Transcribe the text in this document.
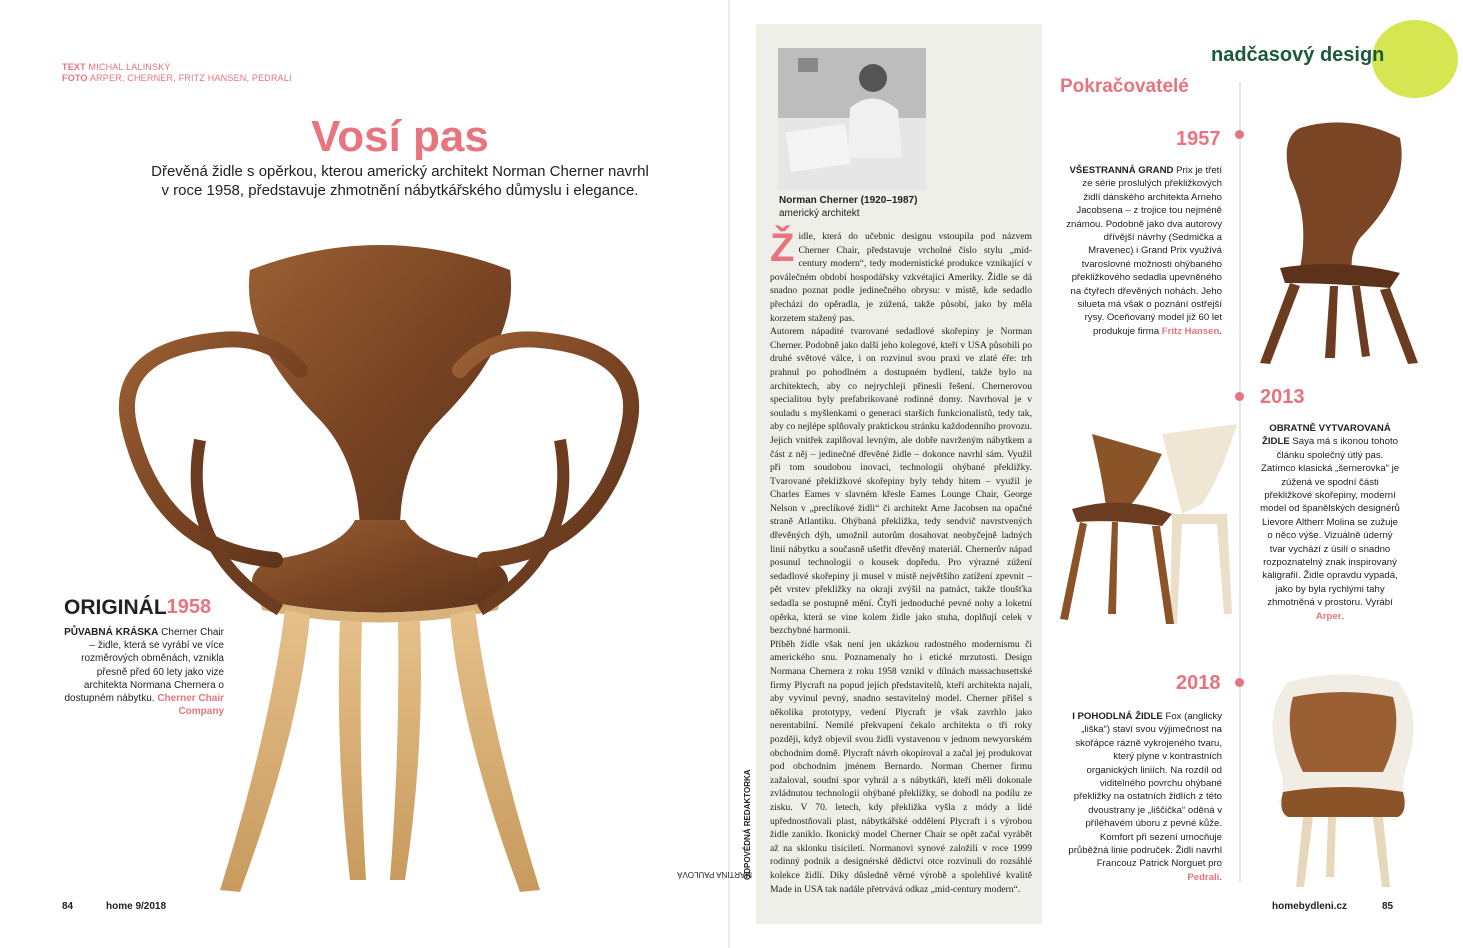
TEXT MICHAL LALINSKÝ
FOTO ARPER, CHERNER, FRITZ HANSEN, PEDRALI
Vosí pas

Dřevěná židle s opěrkou, kterou americký architekt Norman Cherner navrhl v roce 1958, představuje zhmotnění nábytkářského důmyslu i elegance.

ORIGINÁL 1958

PŮVABNÁ KRÁSKA Cherner Chair – židle, která se vyrábí ve více rozměrových obměnách, vznikla přesně před 60 lety jako vize architekta Normana Chernera o dostupném nábytku. Cherner Chair Company

84	home 9/2018
ODPOVĚDNÁ REDAKTORKA
MARTINA PAULOVÁ
Norman Cherner (1920–1987)
americký architekt
Ž idle, která do učebnic designu vstoupila pod názvem Cherner Chair, představuje vrcholné číslo stylu „mid-century modern“, tedy modernistické produkce vznikající v poválečném období hospodářsky vzkvétající Ameriky. Židle se dá snadno poznat podle jedinečného obrysu: v místě, kde sedadlo přechází do opěradla, je zúžená, takže působí, jako by měla korzetem stažený pas.

Autorem nápadité tvarované sedadlové skořepiny je Norman Cherner. Podobně jako další jeho kolegové, kteří v USA působili po druhé světové válce, i on rozvinul svou praxi ve zlaté éře: trh prahnul po pohodlném a dostupném bydlení, takže bylo na architektech, aby co nejrychleji přinesli řešení. Chernerovou specialitou byly prefabrikované rodinné domy. Navrhoval je v souladu s myšlenkami o generaci starších funkcionalistů, tedy tak, aby co nejlépe splňovaly praktickou stránku každodenního provozu. Jejich vnitřek zaplňoval levným, ale dobře navrženým nábytkem a část z něj – jedinečné dřevěné židle – dokonce navrhl sám. Využil při tom soudobou inovaci, technologii ohýbané překližky. Tvarované překližkové skořepiny byly tehdy hitem – využil je Charles Eames v slavném křesle Eames Lounge Chair, George Nelson v „preclíkové židli“ či architekt Arne Jacobsen na opačné straně Atlantiku. Ohýbaná překližka, tedy sendvič navrstvených dřevěných dýh, umožnil autorům dosahovat neobyčejně ladných linií nábytku a současně ušetřit dřevěný materiál. Chernerův nápad posunul technologii o kousek dopředu. Pro výrazné zúžení sedadlové skořepiny ji musel v místě největšího zatížení zpevnit – pět vrstev překližky na okraji zvýšil na patnáct, takže tloušťka sedadla se postupně mění. Čtyři jednoduché pevné nohy a loketní opěrka, která se vine kolem židle jako stuha, doplňují celek v bezchybné harmonii.

Příběh židle však není jen ukázkou radostného modernismu či amerického snu. Poznamenaly ho i etické mrzutosti. Design Normana Chernera z roku 1958 vznikl v dílnách massachusettské firmy Plycraft na popud jejích představitelů, kteří architekta najali, aby vyvinul pevný, snadno sestavitelný model. Cherner přišel s několika prototypy, vedení Plycraft je však zavrhlo jako nerentabilní. Nemilé překvapení čekalo architekta o tři roky později, když objevil svou židli vystavenou v jednom newyorském obchodním domě. Plycraft návrh okopíroval a začal jej produkovat pod obchodním jménem Bernardo. Norman Cherner firmu zažaloval, soudní spor vyhrál a s nábytkáři, kteří měli dokonale zvládnutou technologii ohýbané překližky, se dohodl na podílu ze zisku. V 70. letech, kdy překližka vyšla z módy a lidé upřednostňovali plast, nábytkářské oddělení Plycraft i s výrobou židle zaniklo. Ikonický model Cherner Chair se opět začal vyrábět až na sklonku tisíciletí. Normanovi synové založili v roce 1999 rodinný podnik a designérské dědictví otce rozvinuli do rozsáhlé kolekce židlí. Díky důsledně věrné výrobě a spolehlivé kvalitě Made in USA tak nadále přetrvává odkaz „mid-century modern“.

nadčasový design
Pokračovatelé
1957

VŠESTRANNÁ GRAND Prix je třetí ze série proslulých překližkových židlí dánského architekta Arneho Jacobsena – z trojice tou nejméně známou. Podobně jako dva autorovy dřívější návrhy (Sedmička a Mravenec) i Grand Prix využívá tvaroslovné možnosti ohýbaného překližkového sedadla upevněného na čtyřech dřevěných nohách. Jeho silueta má však o poznání ostřejší rysy. Oceňovaný model již 60 let produkuje firma Fritz Hansen.

2013

OBRATNĚ VYTVAROVANÁ ŽIDLE Saya má s ikonou tohoto článku společný útlý pas. Zatímco klasická „šernerovka“ je zúžená ve spodní části překližkové skořepiny, moderní model od španělských designérů Lievore Altherr Molina se zužuje o něco výše. Vizuálně úderný tvar vychází z úsilí o snadno rozpoznatelný znak inspirovaný kaligrafií. Židle opravdu vypadá, jako by byla rychlými tahy zhmotněná v prostoru. Vyrábí Arper.

2018

I POHODLNÁ ŽIDLE Fox (anglicky „liška“) staví svou výjimečnost na skořápce rázně vykrojeného tvaru, který plyne v kontrastních organických liniích. Na rozdíl od viditelného povrchu ohýbané překližky na ostatních židlích z této dvoustrany je „liščička“ oděná v příléhavém úboru z pevné kůže. Komfort při sezení umocňuje průběžná linie područek. Židli navrhl Francouz Patrick Norguet pro Pedrali.

homebydleni.cz	85
